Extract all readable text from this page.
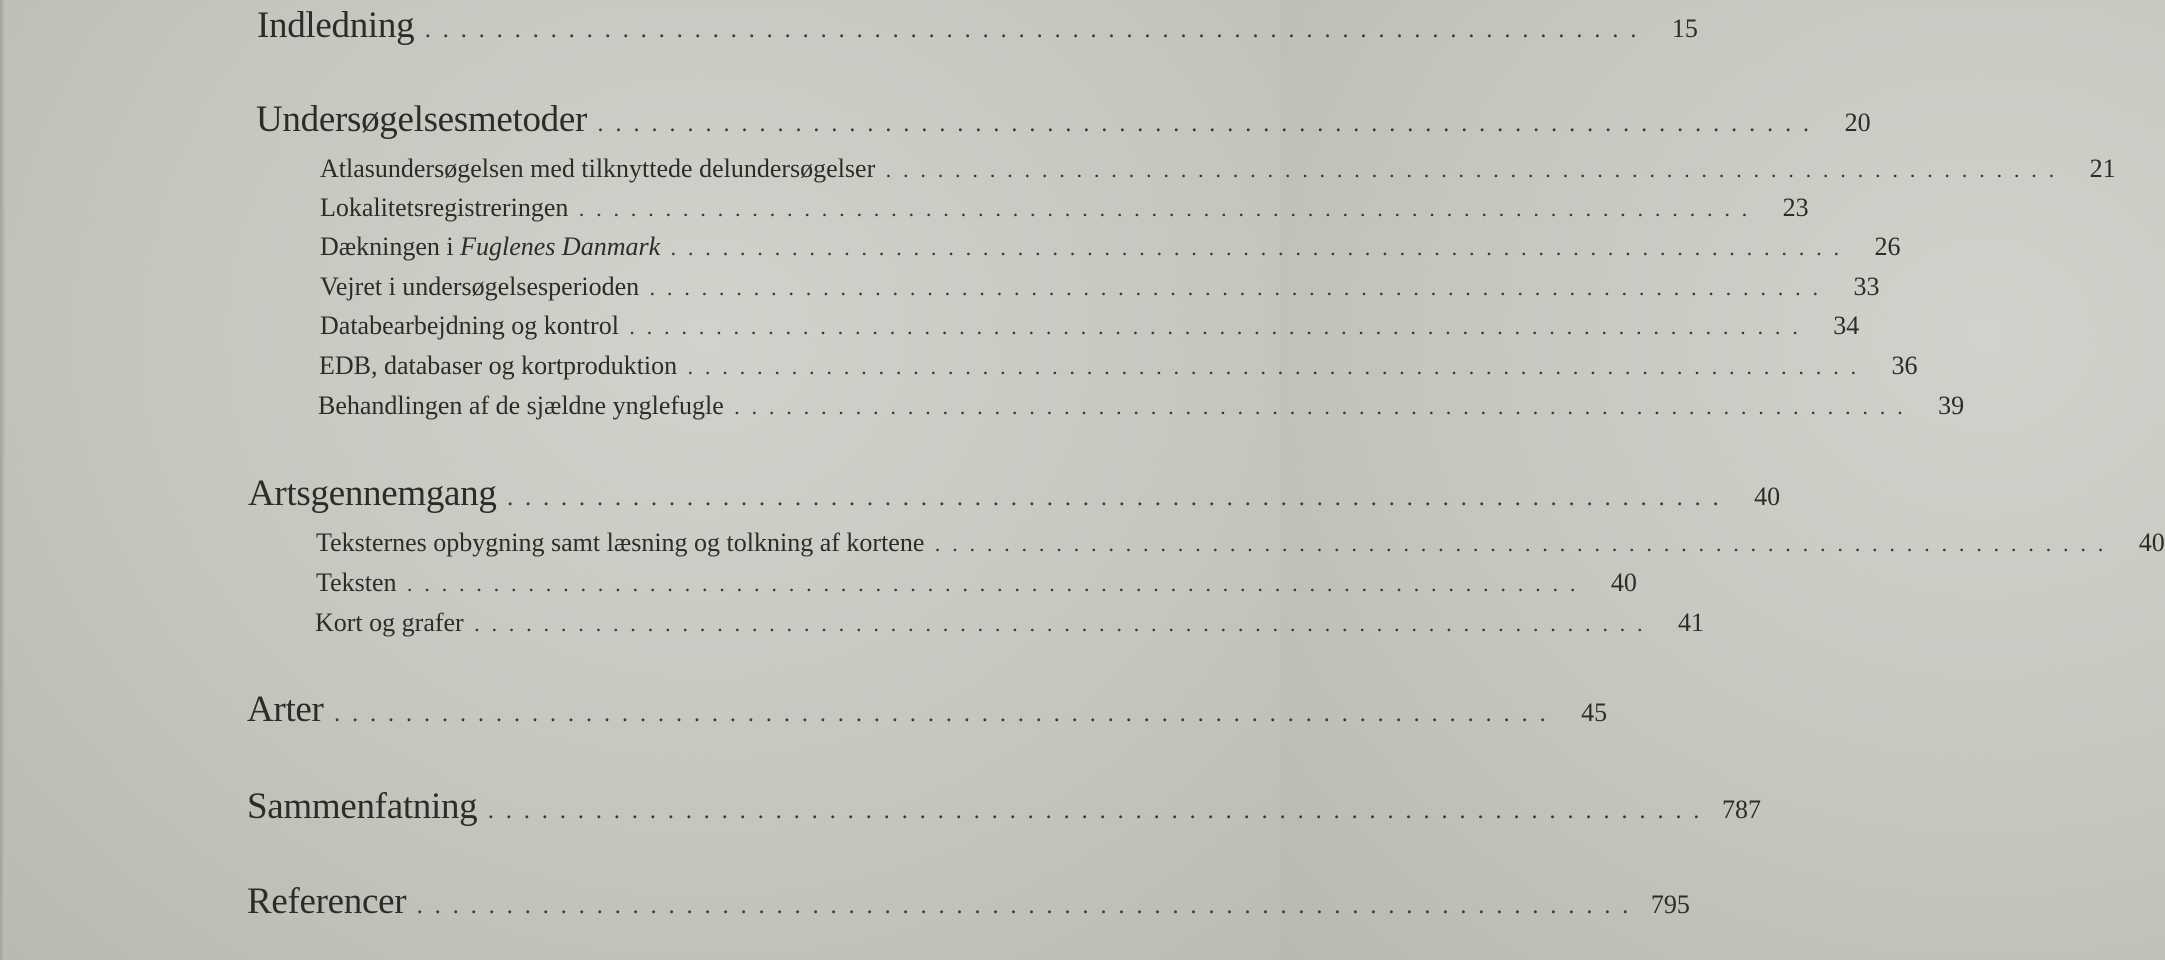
Indledning .................................................................... 15
Undersøgelsesmetoder .................................................................... 20
Atlasundersøgelsen med tilknyttede delundersøgelser .................................................................... 21
Lokalitetsregistreringen .................................................................... 23
Dækningen i Fuglenes Danmark .................................................................... 26
Vejret i undersøgelsesperioden .................................................................... 33
Databearbejdning og kontrol .................................................................... 34
EDB, databaser og kortproduktion .................................................................... 36
Behandlingen af de sjældne ynglefugle .................................................................... 39
Artsgennemgang .................................................................... 40
Teksternes opbygning samt læsning og tolkning af kortene .................................................................... 40
Teksten .................................................................... 40
Kort og grafer .................................................................... 41
Arter .................................................................... 45
Sammenfatning .................................................................... 787
Referencer .................................................................... 795
